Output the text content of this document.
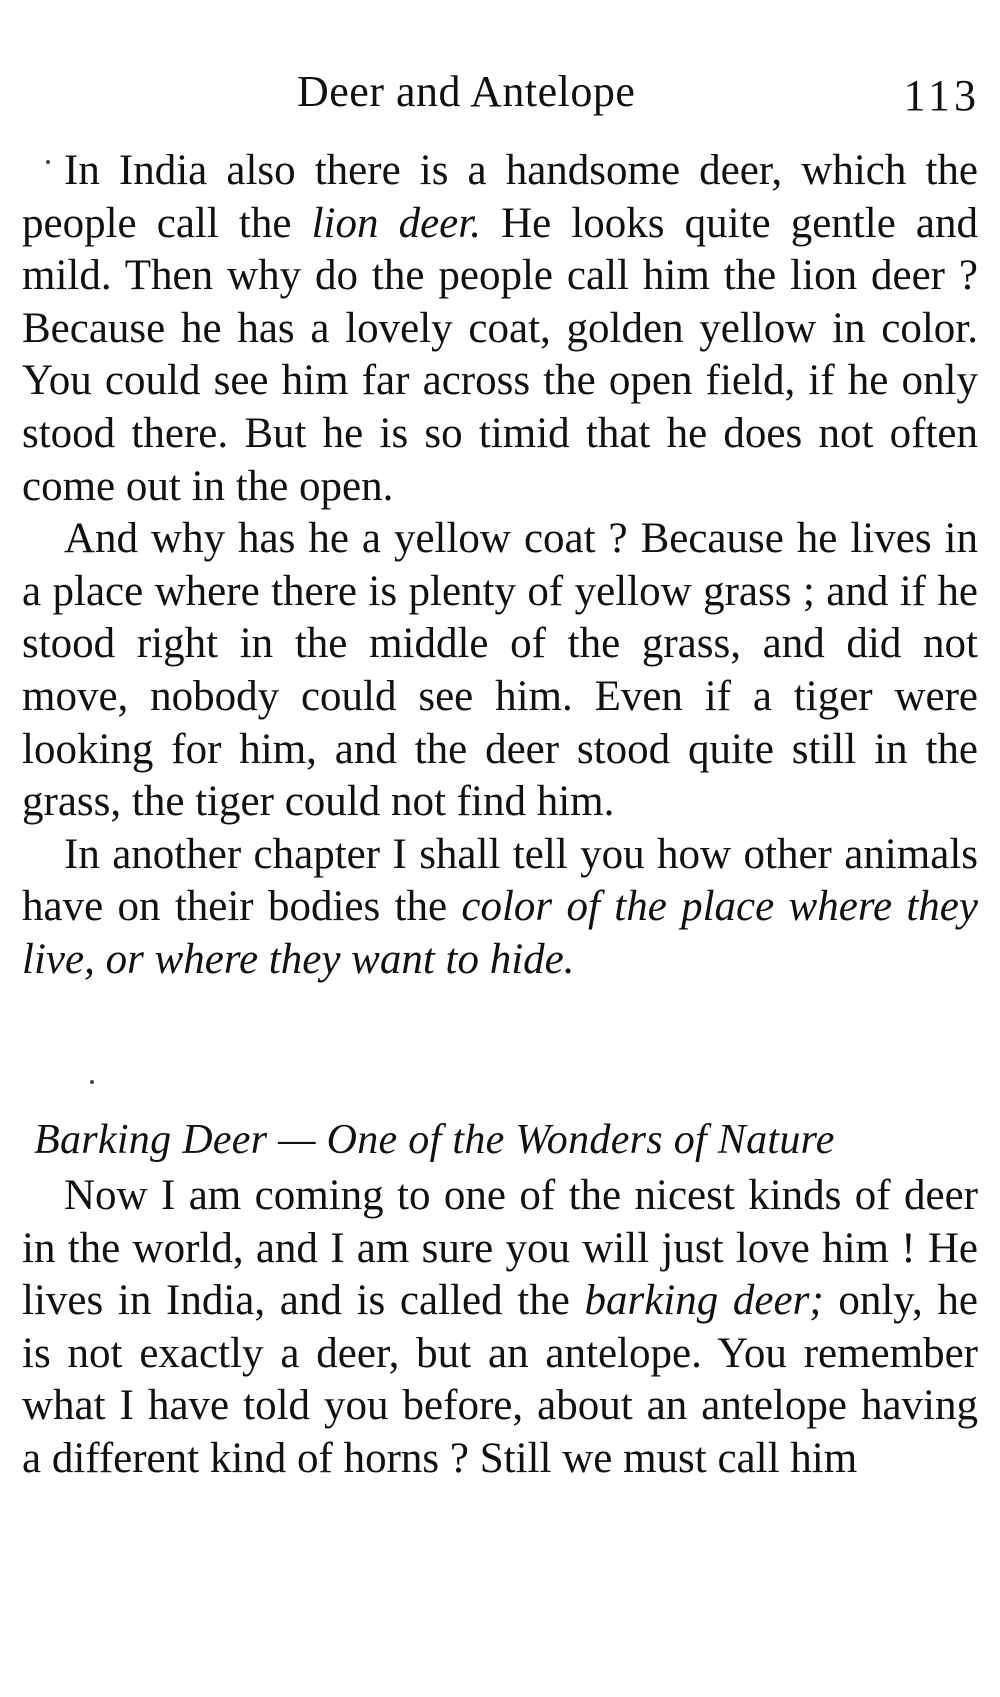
Deer and Antelope	113

In India also there is a handsome deer, which the people call the lion deer. He looks quite gentle and mild. Then why do the people call him the lion deer ? Because he has a lovely coat, golden yellow in color. You could see him far across the open field, if he only stood there. But he is so timid that he does not often come out in the open.

And why has he a yellow coat ? Because he lives in a place where there is plenty of yellow grass ; and if he stood right in the middle of the grass, and did not move, nobody could see him. Even if a tiger were looking for him, and the deer stood quite still in the grass, the tiger could not find him.

In another chapter I shall tell you how other animals have on their bodies the color of the place where they live, or where they want to hide.

Barking Deer — One of the Wonders of Nature

Now I am coming to one of the nicest kinds of deer in the world, and I am sure you will just love him ! He lives in India, and is called the barking deer; only, he is not exactly a deer, but an antelope. You remember what I have told you before, about an antelope having a different kind of horns ? Still we must call him
